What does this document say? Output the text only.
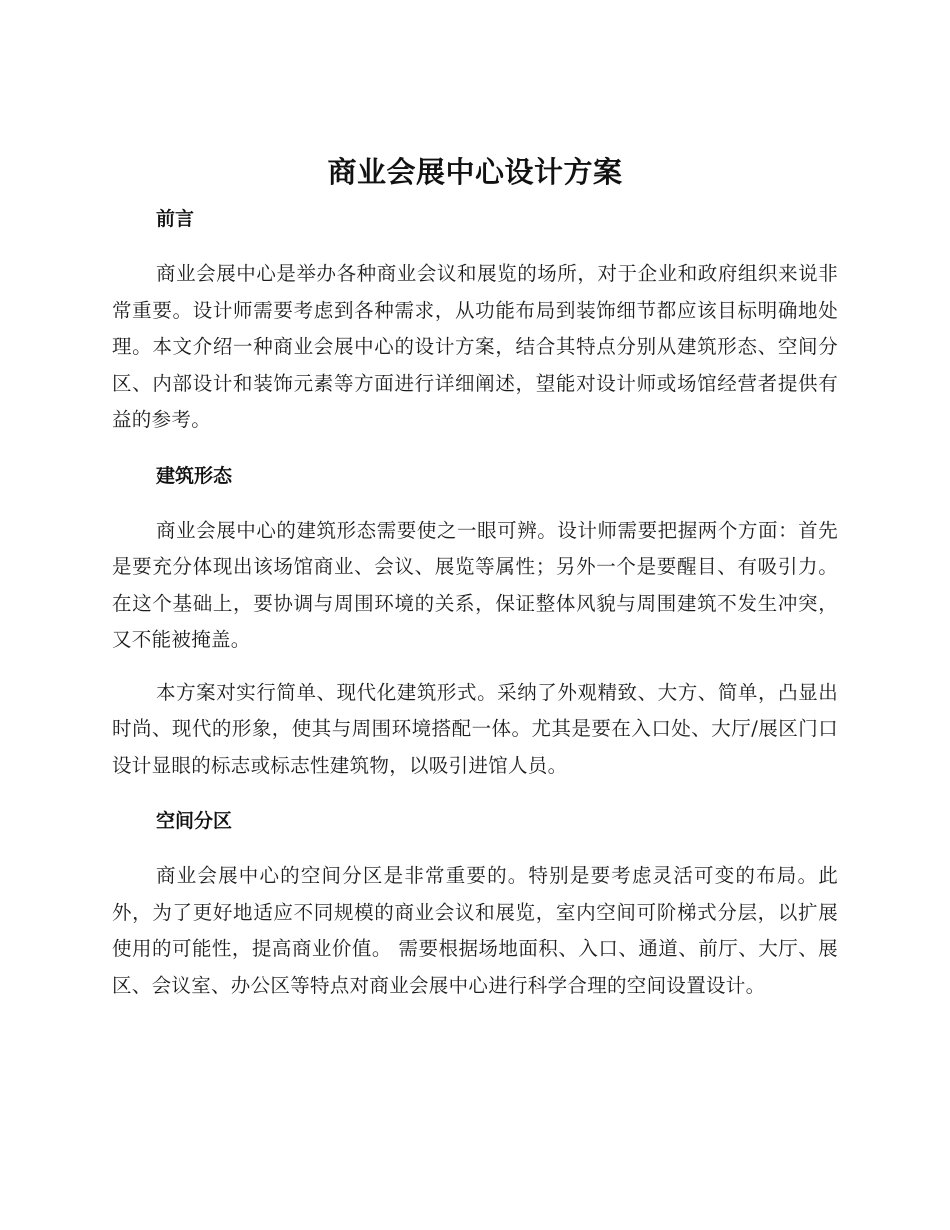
商业会展中心设计方案
前言

商业会展中心是举办各种商业会议和展览的场所，对于企业和政府组织来说非常重要。设计师需要考虑到各种需求，从功能布局到装饰细节都应该目标明确地处理。本文介绍一种商业会展中心的设计方案，结合其特点分别从建筑形态、空间分区、内部设计和装饰元素等方面进行详细阐述，望能对设计师或场馆经营者提供有益的参考。

建筑形态

商业会展中心的建筑形态需要使之一眼可辨。设计师需要把握两个方面：首先是要充分体现出该场馆商业、会议、展览等属性；另外一个是要醒目、有吸引力。在这个基础上，要协调与周围环境的关系，保证整体风貌与周围建筑不发生冲突，又不能被掩盖。

本方案对实行简单、现代化建筑形式。采纳了外观精致、大方、简单，凸显出时尚、现代的形象，使其与周围环境搭配一体。尤其是要在入口处、大厅/展区门口设计显眼的标志或标志性建筑物，以吸引进馆人员。

空间分区

商业会展中心的空间分区是非常重要的。特别是要考虑灵活可变的布局。此外，为了更好地适应不同规模的商业会议和展览，室内空间可阶梯式分层，以扩展使用的可能性，提高商业价值。 需要根据场地面积、入口、通道、前厅、大厅、展区、会议室、办公区等特点对商业会展中心进行科学合理的空间设置设计。
